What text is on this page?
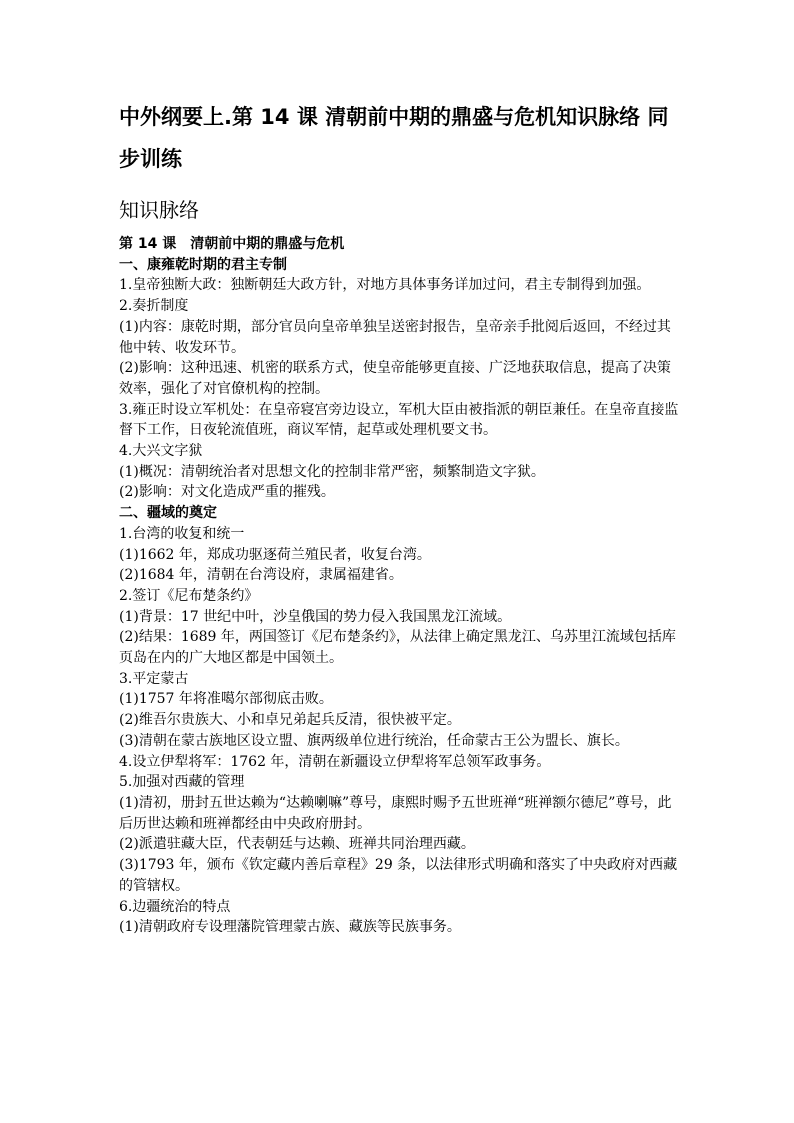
中外纲要上.第 14 课 清朝前中期的鼎盛与危机知识脉络 同步训练
知识脉络

第 14 课　清朝前中期的鼎盛与危机

一、康雍乾时期的君主专制

1.皇帝独断大政：独断朝廷大政方针，对地方具体事务详加过问，君主专制得到加强。

2.奏折制度

(1)内容：康乾时期，部分官员向皇帝单独呈送密封报告，皇帝亲手批阅后返回，不经过其他中转、收发环节。

(2)影响：这种迅速、机密的联系方式，使皇帝能够更直接、广泛地获取信息，提高了决策效率，强化了对官僚机构的控制。

3.雍正时设立军机处：在皇帝寝宫旁边设立，军机大臣由被指派的朝臣兼任。在皇帝直接监督下工作，日夜轮流值班，商议军情，起草或处理机要文书。

4.大兴文字狱

(1)概况：清朝统治者对思想文化的控制非常严密，频繁制造文字狱。

(2)影响：对文化造成严重的摧残。

二、疆域的奠定

1.台湾的收复和统一

(1)1662 年，郑成功驱逐荷兰殖民者，收复台湾。

(2)1684 年，清朝在台湾设府，隶属福建省。

2.签订《尼布楚条约》

(1)背景：17 世纪中叶，沙皇俄国的势力侵入我国黑龙江流域。

(2)结果：1689 年，两国签订《尼布楚条约》，从法律上确定黑龙江、乌苏里江流域包括库页岛在内的广大地区都是中国领土。

3.平定蒙古

(1)1757 年将准噶尔部彻底击败。

(2)维吾尔贵族大、小和卓兄弟起兵反清，很快被平定。

(3)清朝在蒙古族地区设立盟、旗两级单位进行统治，任命蒙古王公为盟长、旗长。

4.设立伊犁将军：1762 年，清朝在新疆设立伊犁将军总领军政事务。

5.加强对西藏的管理

(1)清初，册封五世达赖为“达赖喇嘛”尊号，康熙时赐予五世班禅“班禅额尔德尼”尊号，此后历世达赖和班禅都经由中央政府册封。

(2)派遣驻藏大臣，代表朝廷与达赖、班禅共同治理西藏。

(3)1793 年，颁布《钦定藏内善后章程》29 条，以法律形式明确和落实了中央政府对西藏的管辖权。

6.边疆统治的特点

(1)清朝政府专设理藩院管理蒙古族、藏族等民族事务。
